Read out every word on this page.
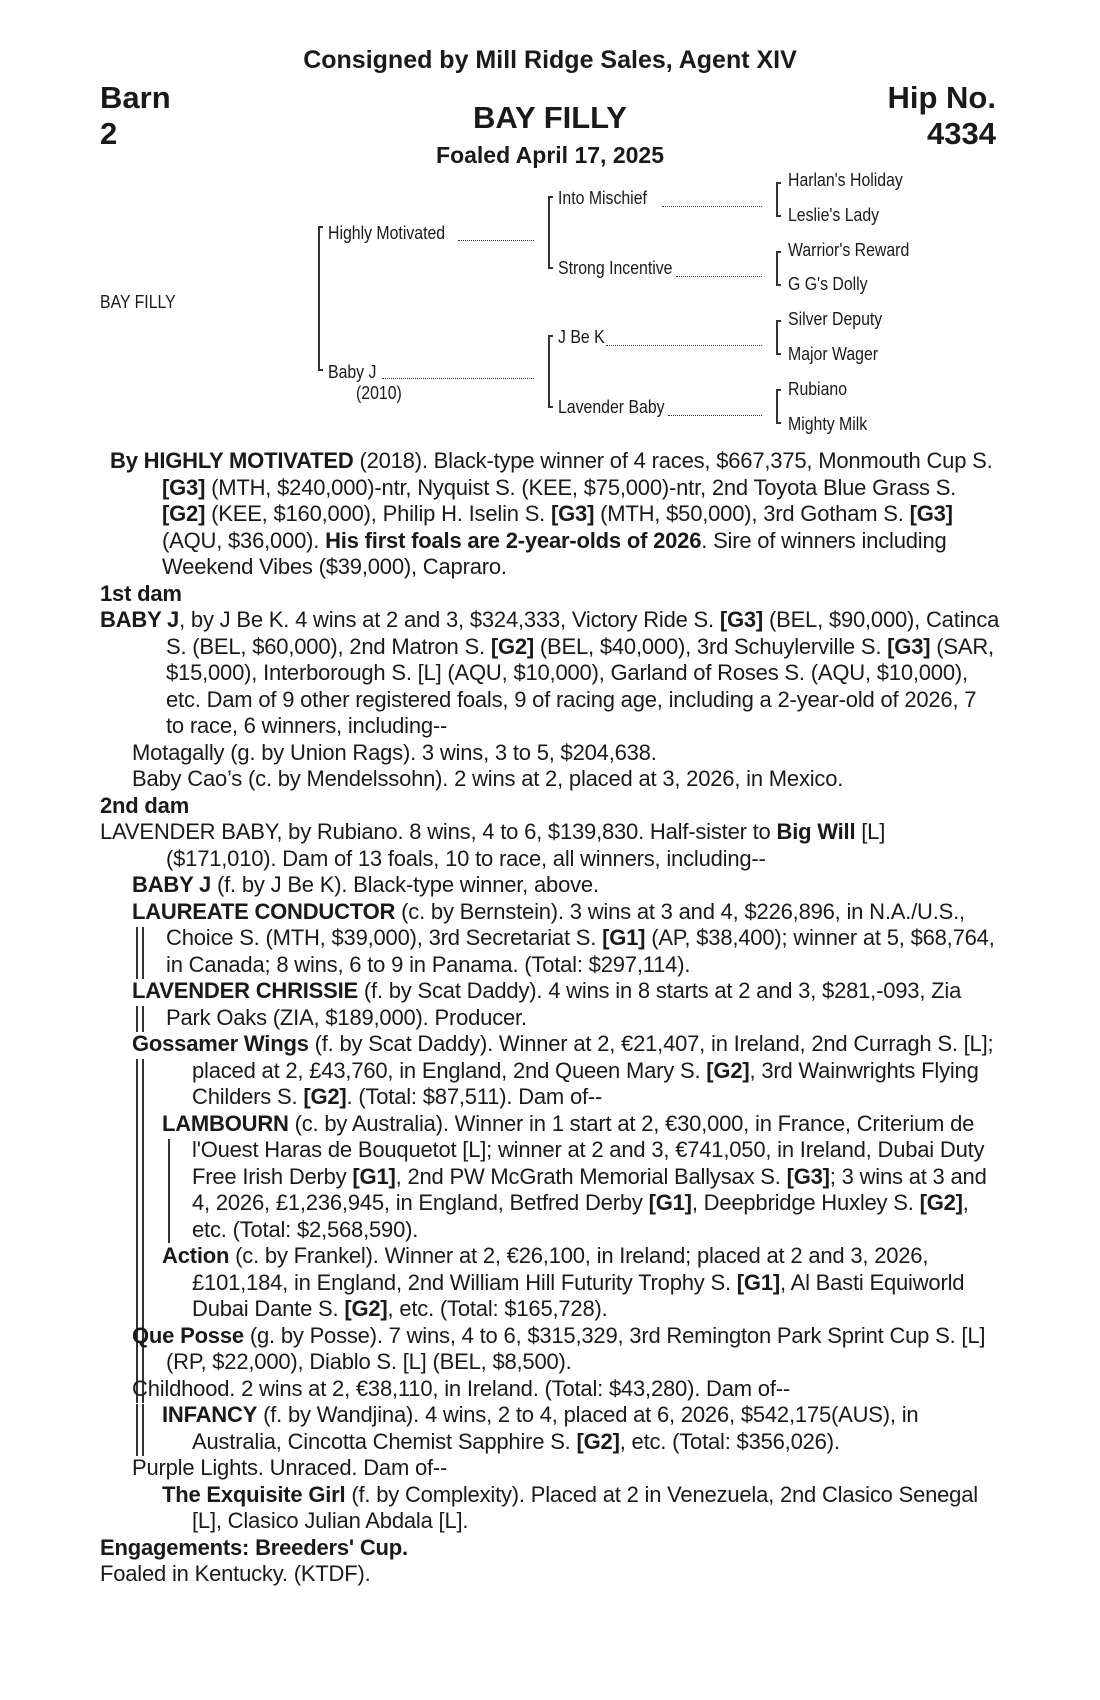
Consigned by Mill Ridge Sales, Agent XIV
Barn
2
Hip No.
4334
BAY FILLY
Foaled April 17, 2025
BAY FILLY
Highly Motivated
Baby J
(2010)
Into Mischief
Strong Incentive
J Be K
Lavender Baby
Harlan's Holiday
Leslie's Lady
Warrior's Reward
G G's Dolly
Silver Deputy
Major Wager
Rubiano
Mighty Milk

By HIGHLY MOTIVATED (2018). Black-type winner of 4 races, $667,375, Monmouth Cup S. [G3] (MTH, $240,000)-ntr, Nyquist S. (KEE, $75,000)-ntr, 2nd Toyota Blue Grass S. [G2] (KEE, $160,000), Philip H. Iselin S. [G3] (MTH, $50,000), 3rd Gotham S. [G3] (AQU, $36,000). His first foals are 2-year-olds of 2026. Sire of winners including Weekend Vibes ($39,000), Capraro.

1st dam

BABY J, by J Be K. 4 wins at 2 and 3, $324,333, Victory Ride S. [G3] (BEL, $90,000), Catinca S. (BEL, $60,000), 2nd Matron S. [G2] (BEL, $40,000), 3rd Schuylerville S. [G3] (SAR, $15,000), Interborough S. [L] (AQU, $10,000), Garland of Roses S. (AQU, $10,000), etc. Dam of 9 other registered foals, 9 of racing age, including a 2-year-old of 2026, 7 to race, 6 winners, including--

Motagally (g. by Union Rags). 3 wins, 3 to 5, $204,638.

Baby Cao’s (c. by Mendelssohn). 2 wins at 2, placed at 3, 2026, in Mexico.

2nd dam

LAVENDER BABY, by Rubiano. 8 wins, 4 to 6, $139,830. Half-sister to Big Will [L] ($171,010). Dam of 13 foals, 10 to race, all winners, including--

BABY J (f. by J Be K). Black-type winner, above.

LAUREATE CONDUCTOR (c. by Bernstein). 3 wins at 3 and 4, $226,896, in N.A./U.S., Choice S. (MTH, $39,000), 3rd Secretariat S. [G1] (AP, $38,400); winner at 5, $68,764, in Canada; 8 wins, 6 to 9 in Panama. (Total: $297,114).

LAVENDER CHRISSIE (f. by Scat Daddy). 4 wins in 8 starts at 2 and 3, $281,-093, Zia Park Oaks (ZIA, $189,000). Producer.

Gossamer Wings (f. by Scat Daddy). Winner at 2, €21,407, in Ireland, 2nd Curragh S. [L]; placed at 2, £43,760, in England, 2nd Queen Mary S. [G2], 3rd Wainwrights Flying Childers S. [G2]. (Total: $87,511). Dam of--

LAMBOURN (c. by Australia). Winner in 1 start at 2, €30,000, in France, Criterium de l'Ouest Haras de Bouquetot [L]; winner at 2 and 3, €741,050, in Ireland, Dubai Duty Free Irish Derby [G1], 2nd PW McGrath Memorial Ballysax S. [G3]; 3 wins at 3 and 4, 2026, £1,236,945, in England, Betfred Derby [G1], Deepbridge Huxley S. [G2], etc. (Total: $2,568,590).

Action (c. by Frankel). Winner at 2, €26,100, in Ireland; placed at 2 and 3, 2026, £101,184, in England, 2nd William Hill Futurity Trophy S. [G1], Al Basti Equiworld Dubai Dante S. [G2], etc. (Total: $165,728).

Que Posse (g. by Posse). 7 wins, 4 to 6, $315,329, 3rd Remington Park Sprint Cup S. [L] (RP, $22,000), Diablo S. [L] (BEL, $8,500).

Childhood. 2 wins at 2, €38,110, in Ireland. (Total: $43,280). Dam of--

INFANCY (f. by Wandjina). 4 wins, 2 to 4, placed at 6, 2026, $542,175(AUS), in Australia, Cincotta Chemist Sapphire S. [G2], etc. (Total: $356,026).

Purple Lights. Unraced. Dam of--

The Exquisite Girl (f. by Complexity). Placed at 2 in Venezuela, 2nd Clasico Senegal [L], Clasico Julian Abdala [L].

Engagements: Breeders' Cup.

Foaled in Kentucky. (KTDF).
